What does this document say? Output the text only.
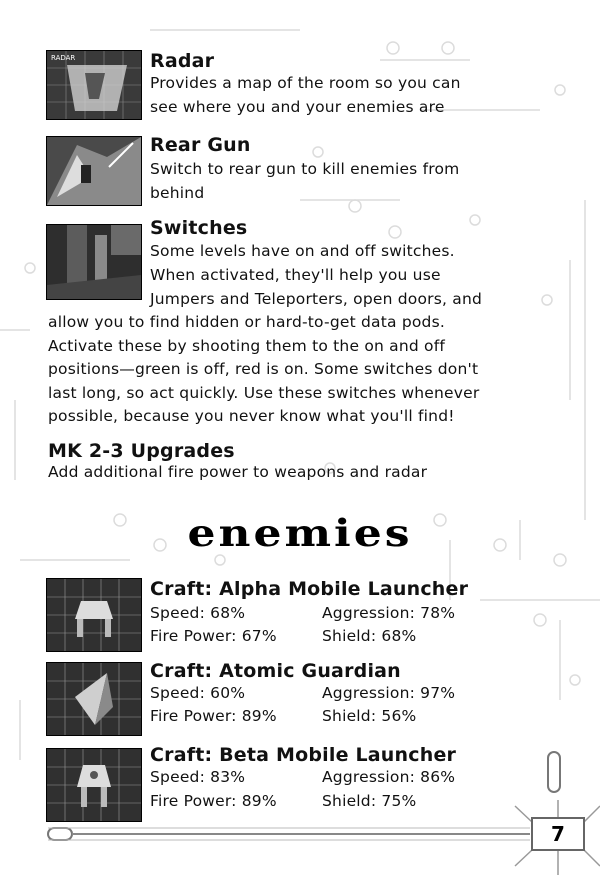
RADAR	Radar
Provides a map of the room so you can
see where you and your enemies are
Rear Gun
Switch to rear gun to kill enemies from
behind
Switches
Some levels have on and off switches.
When activated, they'll help you use
Jumpers and Teleporters, open doors, and
allow you to find hidden or hard-to-get data pods.
Activate these by shooting them to the on and off
positions—green is off, red is on. Some switches don't
last long, so act quickly. Use these switches whenever
possible, because you never know what you'll find!
MK 2-3 Upgrades
Add additional fire power to weapons and radar
enemies
Craft: Alpha Mobile Launcher
Speed: 68%	Aggression: 78%
Fire Power: 67%	Shield: 68%
Craft: Atomic Guardian
Speed: 60%	Aggression: 97%
Fire Power: 89%	Shield: 56%
Craft: Beta Mobile Launcher
Speed: 83%	Aggression: 86%
Fire Power: 89%	Shield: 75%
7
